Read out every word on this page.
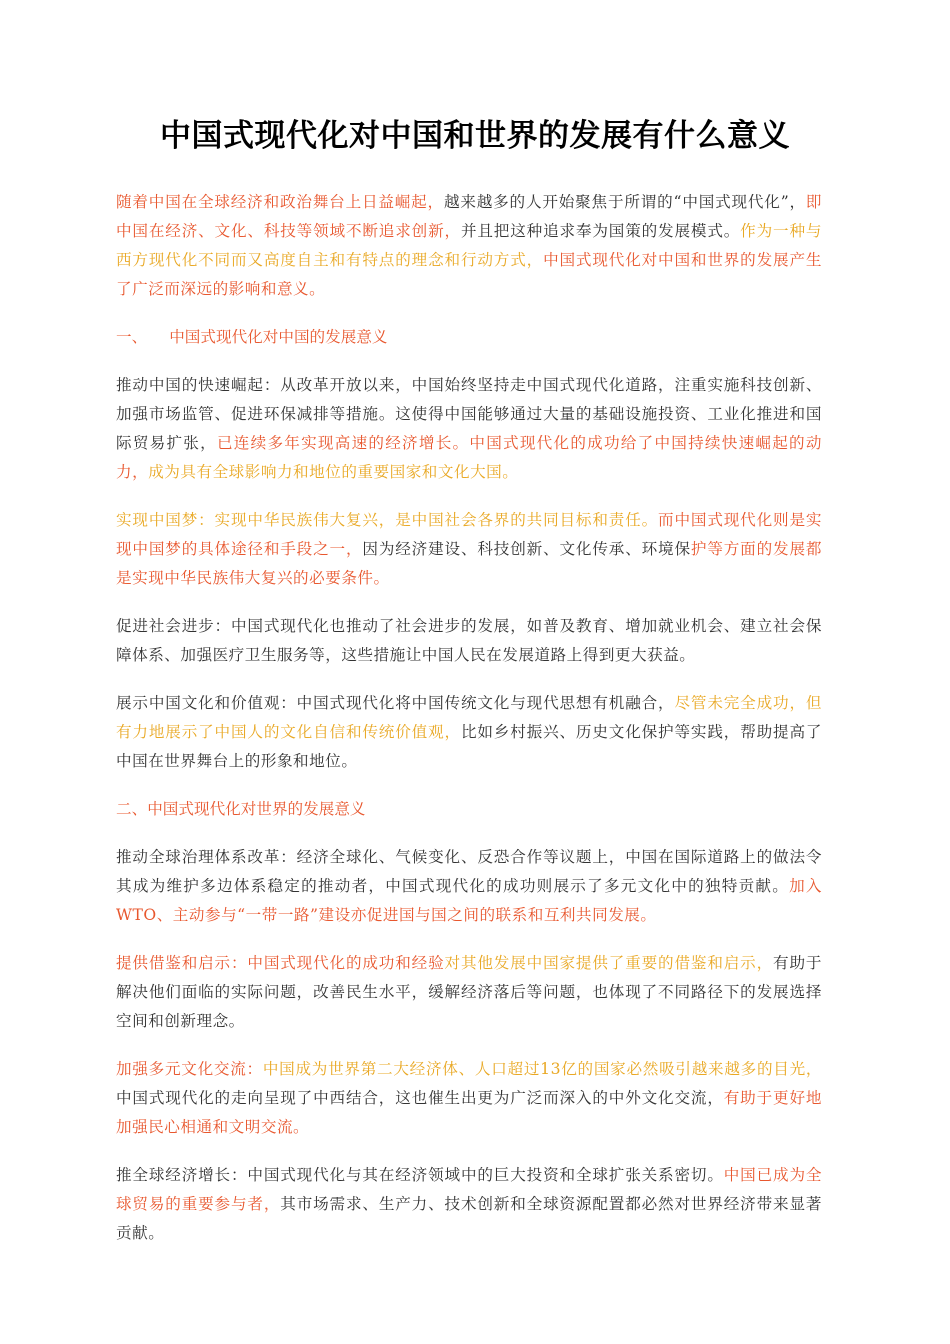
中国式现代化对中国和世界的发展有什么意义

随着中国在全球经济和政治舞台上日益崛起，越来越多的人开始聚焦于所谓的“中国式现代化”，即中国在经济、文化、科技等领域不断追求创新，并且把这种追求奉为国策的发展模式。作为一种与西方现代化不同而又高度自主和有特点的理念和行动方式，中国式现代化对中国和世界的发展产生了广泛而深远的影响和意义。

一、 中国式现代化对中国的发展意义

推动中国的快速崛起：从改革开放以来，中国始终坚持走中国式现代化道路，注重实施科技创新、加强市场监管、促进环保减排等措施。这使得中国能够通过大量的基础设施投资、工业化推进和国际贸易扩张，已连续多年实现高速的经济增长。中国式现代化的成功给了中国持续快速崛起的动力，成为具有全球影响力和地位的重要国家和文化大国。

实现中国梦：实现中华民族伟大复兴，是中国社会各界的共同目标和责任。而中国式现代化则是实现中国梦的具体途径和手段之一，因为经济建设、科技创新、文化传承、环境保护等方面的发展都是实现中华民族伟大复兴的必要条件。

促进社会进步：中国式现代化也推动了社会进步的发展，如普及教育、增加就业机会、建立社会保障体系、加强医疗卫生服务等，这些措施让中国人民在发展道路上得到更大获益。

展示中国文化和价值观：中国式现代化将中国传统文化与现代思想有机融合，尽管未完全成功，但有力地展示了中国人的文化自信和传统价值观，比如乡村振兴、历史文化保护等实践，帮助提高了中国在世界舞台上的形象和地位。

二、中国式现代化对世界的发展意义

推动全球治理体系改革：经济全球化、气候变化、反恐合作等议题上，中国在国际道路上的做法令其成为维护多边体系稳定的推动者，中国式现代化的成功则展示了多元文化中的独特贡献。加入WTO、主动参与“一带一路”建设亦促进国与国之间的联系和互利共同发展。

提供借鉴和启示：中国式现代化的成功和经验对其他发展中国家提供了重要的借鉴和启示，有助于解决他们面临的实际问题，改善民生水平，缓解经济落后等问题，也体现了不同路径下的发展选择空间和创新理念。

加强多元文化交流：中国成为世界第二大经济体、人口超过13亿的国家必然吸引越来越多的目光，中国式现代化的走向呈现了中西结合，这也催生出更为广泛而深入的中外文化交流，有助于更好地加强民心相通和文明交流。

推全球经济增长：中国式现代化与其在经济领域中的巨大投资和全球扩张关系密切。中国已成为全球贸易的重要参与者，其市场需求、生产力、技术创新和全球资源配置都必然对世界经济带来显著贡献。
